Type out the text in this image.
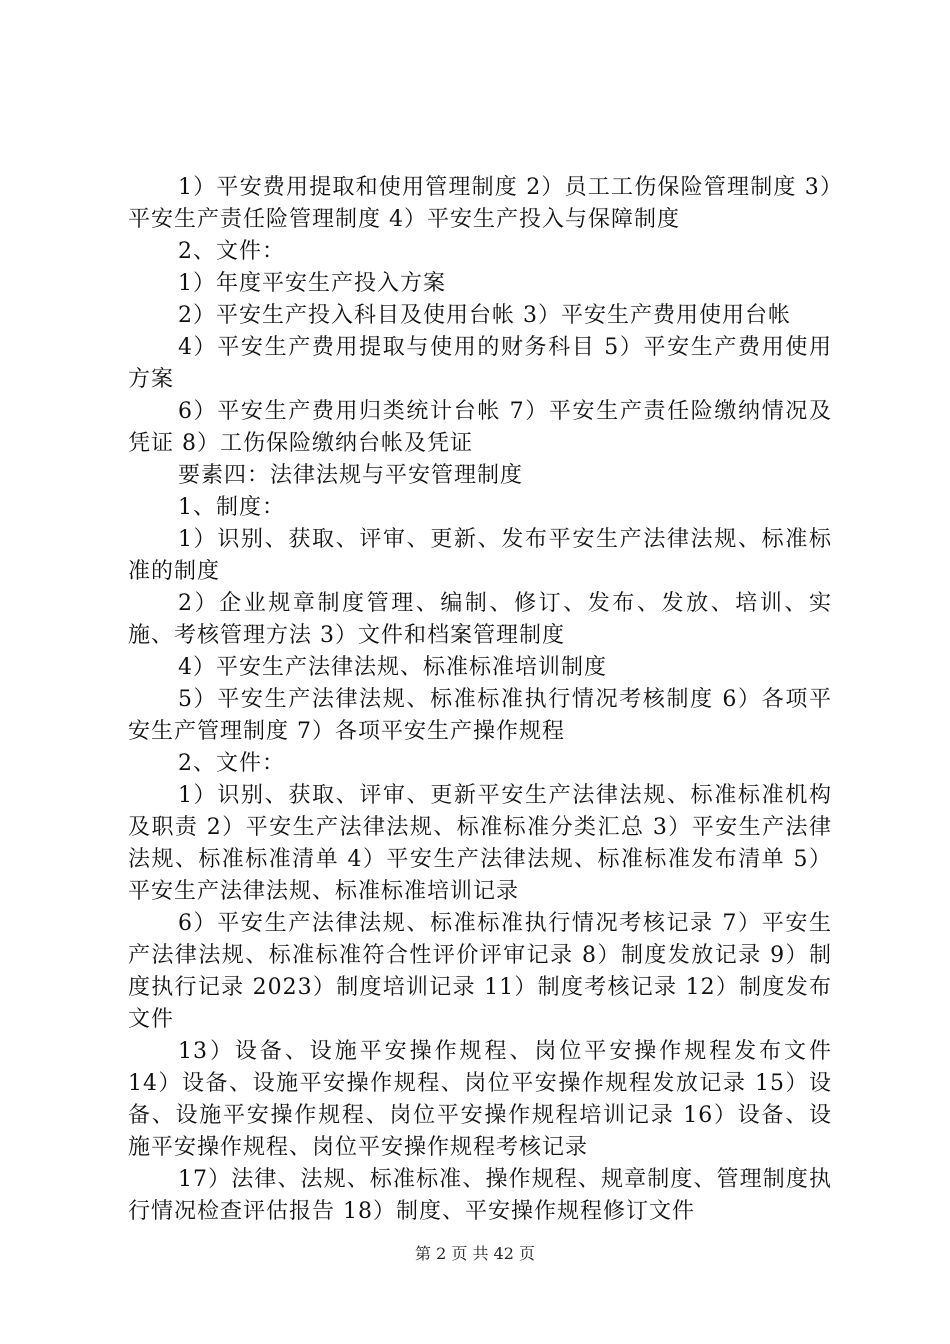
1）平安费用提取和使用管理制度 2）员工工伤保险管理制度 3）平安生产责任险管理制度 4）平安生产投入与保障制度

2、文件：

1）年度平安生产投入方案

2）平安生产投入科目及使用台帐 3）平安生产费用使用台帐

4）平安生产费用提取与使用的财务科目 5）平安生产费用使用方案

6）平安生产费用归类统计台帐 7）平安生产责任险缴纳情况及凭证 8）工伤保险缴纳台帐及凭证

要素四：法律法规与平安管理制度

1、制度：

1）识别、获取、评审、更新、发布平安生产法律法规、标准标准的制度

2）企业规章制度管理、编制、修订、发布、发放、培训、实施、考核管理方法 3）文件和档案管理制度

4）平安生产法律法规、标准标准培训制度

5）平安生产法律法规、标准标准执行情况考核制度 6）各项平安生产管理制度 7）各项平安生产操作规程

2、文件：

1）识别、获取、评审、更新平安生产法律法规、标准标准机构及职责 2）平安生产法律法规、标准标准分类汇总 3）平安生产法律法规、标准标准清单 4）平安生产法律法规、标准标准发布清单 5）平安生产法律法规、标准标准培训记录

6）平安生产法律法规、标准标准执行情况考核记录 7）平安生产法律法规、标准标准符合性评价评审记录 8）制度发放记录 9）制度执行记录 2023）制度培训记录 11）制度考核记录 12）制度发布文件

13）设备、设施平安操作规程、岗位平安操作规程发布文件 14）设备、设施平安操作规程、岗位平安操作规程发放记录 15）设备、设施平安操作规程、岗位平安操作规程培训记录 16）设备、设施平安操作规程、岗位平安操作规程考核记录

17）法律、法规、标准标准、操作规程、规章制度、管理制度执行情况检查评估报告 18）制度、平安操作规程修订文件

第 2 页 共 42 页
